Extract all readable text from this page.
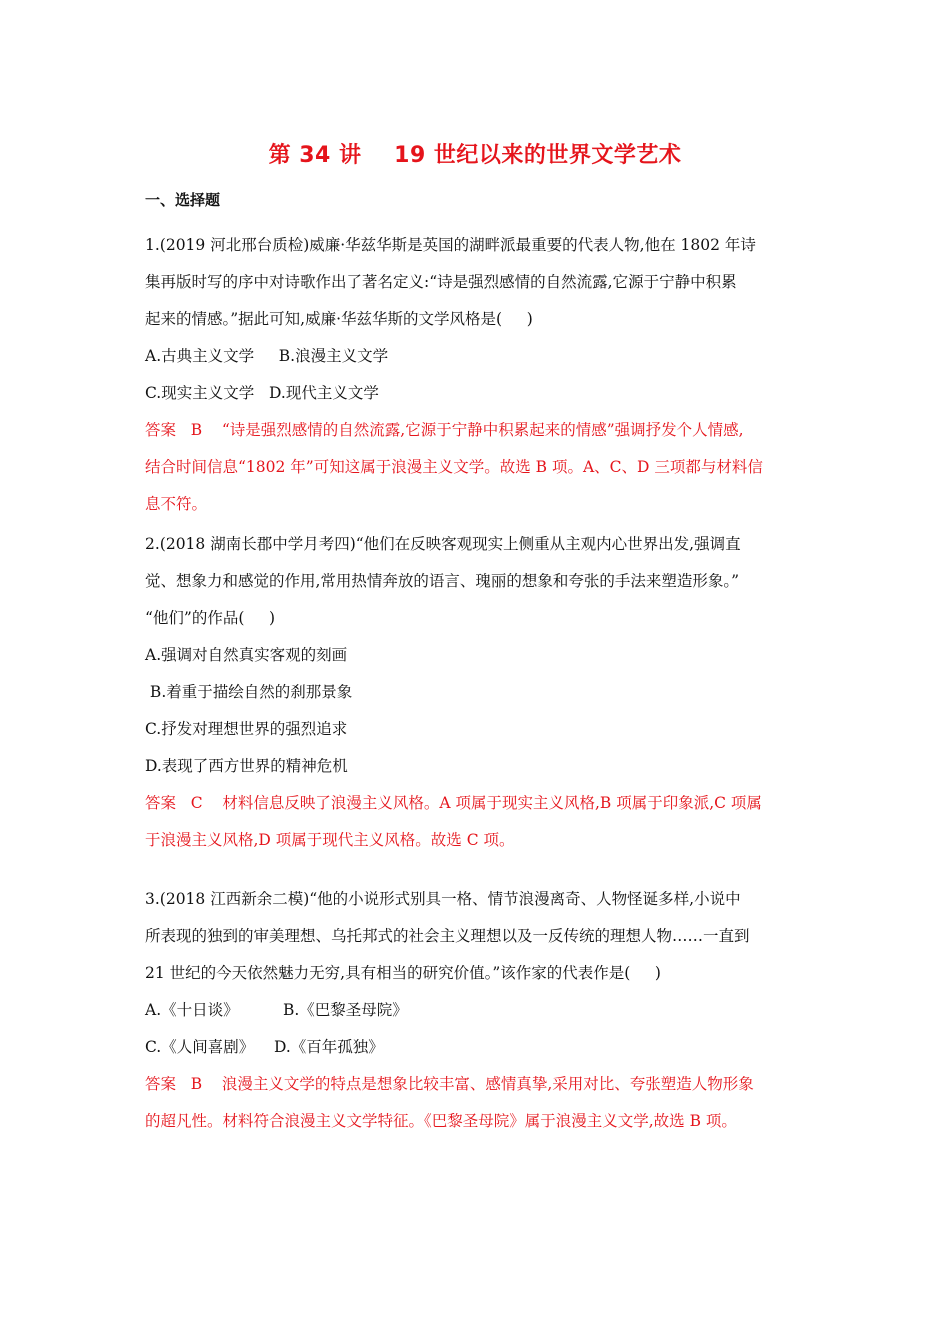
第 34 讲    19 世纪以来的世界文学艺术
一、选择题
1.(2019 河北邢台质检)威廉·华兹华斯是英国的湖畔派最重要的代表人物,他在 1802 年诗
集再版时写的序中对诗歌作出了著名定义:“诗是强烈感情的自然流露,它源于宁静中积累
起来的情感。”据此可知,威廉·华兹华斯的文学风格是(     )
A.古典主义文学     B.浪漫主义文学
C.现实主义文学   D.现代主义文学
答案   B    “诗是强烈感情的自然流露,它源于宁静中积累起来的情感”强调抒发个人情感,
结合时间信息“1802 年”可知这属于浪漫主义文学。故选 B 项。A、C、D 三项都与材料信
息不符。
2.(2018 湖南长郡中学月考四)“他们在反映客观现实上侧重从主观内心世界出发,强调直
觉、想象力和感觉的作用,常用热情奔放的语言、瑰丽的想象和夸张的手法来塑造形象。”
“他们”的作品(     )
A.强调对自然真实客观的刻画
B.着重于描绘自然的刹那景象
C.抒发对理想世界的强烈追求
D.表现了西方世界的精神危机
答案   C    材料信息反映了浪漫主义风格。A 项属于现实主义风格,B 项属于印象派,C 项属
于浪漫主义风格,D 项属于现代主义风格。故选 C 项。
3.(2018 江西新余二模)“他的小说形式别具一格、情节浪漫离奇、人物怪诞多样,小说中
所表现的独到的审美理想、乌托邦式的社会主义理想以及一反传统的理想人物……一直到
21 世纪的今天依然魅力无穷,具有相当的研究价值。”该作家的代表作是(     )
A.《十日谈》         B.《巴黎圣母院》
C.《人间喜剧》    D.《百年孤独》
答案   B    浪漫主义文学的特点是想象比较丰富、感情真挚,采用对比、夸张塑造人物形象
的超凡性。材料符合浪漫主义文学特征。《巴黎圣母院》属于浪漫主义文学,故选 B 项。
